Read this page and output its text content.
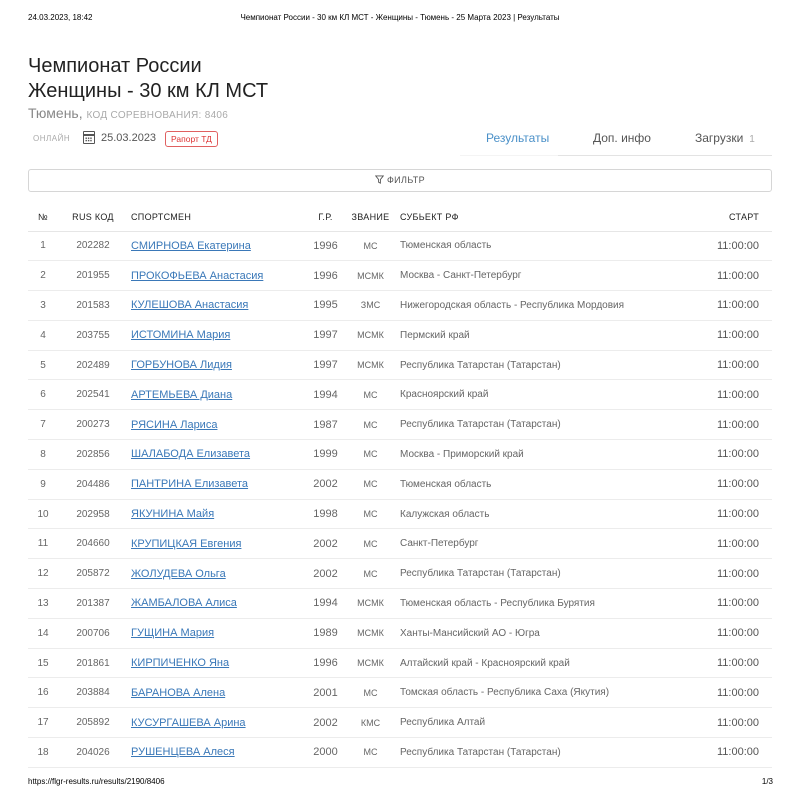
24.03.2023, 18:42	Чемпионат России - 30 км КЛ МСТ - Женщины - Тюмень - 25 Марта 2023 | Результаты
Чемпионат России
Женщины - 30 км КЛ МСТ
Тюмень, КОД СОРЕВНОВАНИЯ: 8406
ОНЛАЙН	25.03.2023	Рапорт ТД	Результаты	Доп. инфо	Загрузки 1
ФИЛЬТР
№	RUS КОД	СПОРТСМЕН	Г.Р.	ЗВАНИЕ	СУБЬЕКТ РФ	СТАРТ
1	202282	СМИРНОВА Екатерина	1996	МС	Тюменская область	11:00:00
2	201955	ПРОКОФЬЕВА Анастасия	1996	МСМК	Москва - Санкт-Петербург	11:00:00
3	201583	КУЛЕШОВА Анастасия	1995	ЗМС	Нижегородская область - Республика Мордовия	11:00:00
4	203755	ИСТОМИНА Мария	1997	МСМК	Пермский край	11:00:00
5	202489	ГОРБУНОВА Лидия	1997	МСМК	Республика Татарстан (Татарстан)	11:00:00
6	202541	АРТЕМЬЕВА Диана	1994	МС	Красноярский край	11:00:00
7	200273	РЯСИНА Лариса	1987	МС	Республика Татарстан (Татарстан)	11:00:00
8	202856	ШАЛАБОДА Елизавета	1999	МС	Москва - Приморский край	11:00:00
9	204486	ПАНТРИНА Елизавета	2002	МС	Тюменская область	11:00:00
10	202958	ЯКУНИНА Майя	1998	МС	Калужская область	11:00:00
11	204660	КРУПИЦКАЯ Евгения	2002	МС	Санкт-Петербург	11:00:00
12	205872	ЖОЛУДЕВА Ольга	2002	МС	Республика Татарстан (Татарстан)	11:00:00
13	201387	ЖАМБАЛОВА Алиса	1994	МСМК	Тюменская область - Республика Бурятия	11:00:00
14	200706	ГУЩИНА Мария	1989	МСМК	Ханты-Мансийский АО - Югра	11:00:00
15	201861	КИРПИЧЕНКО Яна	1996	МСМК	Алтайский край - Красноярский край	11:00:00
16	203884	БАРАНОВА Алена	2001	МС	Томская область - Республика Саха (Якутия)	11:00:00
17	205892	КУСУРГАШЕВА Арина	2002	КМС	Республика Алтай	11:00:00
18	204026	РУШЕНЦЕВА Алеся	2000	МС	Республика Татарстан (Татарстан)	11:00:00
https://flgr-results.ru/results/2190/8406	1/3
